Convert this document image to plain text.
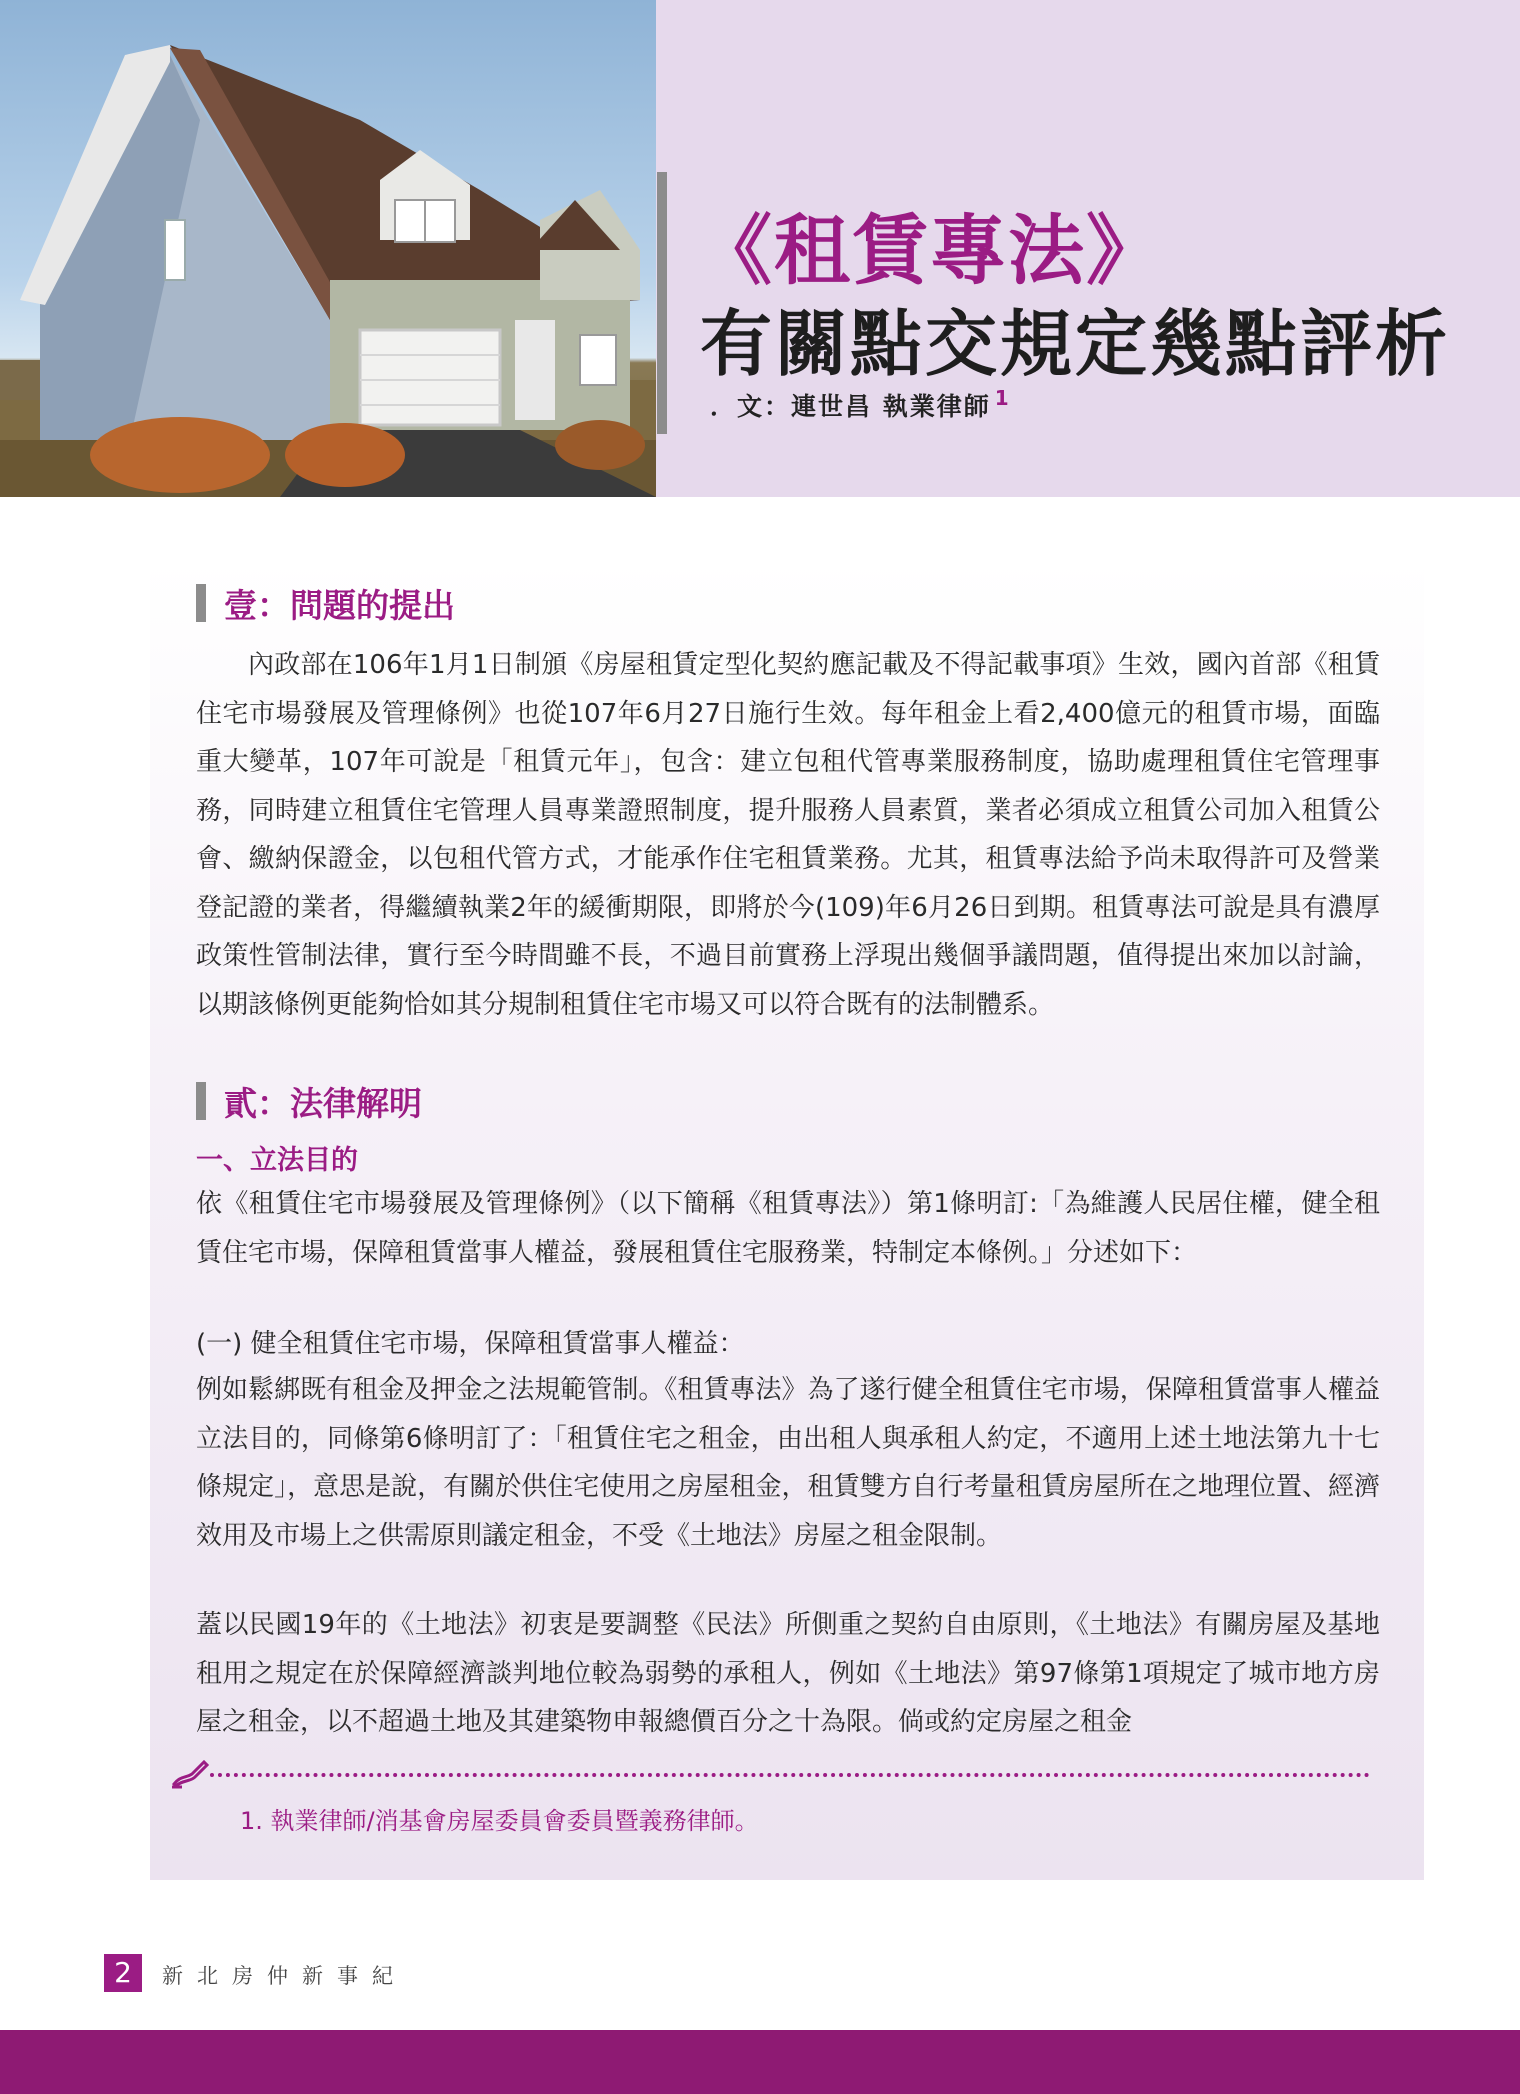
《租賃專法》
有關點交規定幾點評析
．文：連世昌 執業律師 $^1$
壹：問題的提出

內政部在106年1月1日制頒《房屋租賃定型化契約應記載及不得記載事項》生效，國內首部《租賃住宅市場發展及管理條例》也從107年6月27日施行生效。每年租金上看2,400億元的租賃市場，面臨重大變革，107年可說是「租賃元年」，包含：建立包租代管專業服務制度，協助處理租賃住宅管理事務，同時建立租賃住宅管理人員專業證照制度，提升服務人員素質，業者必須成立租賃公司加入租賃公會、繳納保證金，以包租代管方式，才能承作住宅租賃業務。尤其，租賃專法給予尚未取得許可及營業登記證的業者，得繼續執業2年的緩衝期限，即將於今(109)年6月26日到期。租賃專法可說是具有濃厚政策性管制法律，實行至今時間雖不長，不過目前實務上浮現出幾個爭議問題，值得提出來加以討論，以期該條例更能夠恰如其分規制租賃住宅市場又可以符合既有的法制體系。

貳：法律解明
一、立法目的

依《租賃住宅市場發展及管理條例》（以下簡稱《租賃專法》）第1條明訂:「為維護人民居住權，健全租賃住宅市場，保障租賃當事人權益，發展租賃住宅服務業，特制定本條例。」分述如下：

(一) 健全租賃住宅市場，保障租賃當事人權益：

例如鬆綁既有租金及押金之法規範管制。《租賃專法》為了遂行健全租賃住宅市場，保障租賃當事人權益立法目的，同條第6條明訂了：「租賃住宅之租金，由出租人與承租人約定，不適用上述土地法第九十七條規定」，意思是說，有關於供住宅使用之房屋租金，租賃雙方自行考量租賃房屋所在之地理位置、經濟效用及市場上之供需原則議定租金，不受《土地法》房屋之租金限制。

蓋以民國19年的《土地法》初衷是要調整《民法》所側重之契約自由原則，《土地法》有關房屋及基地租用之規定在於保障經濟談判地位較為弱勢的承租人，例如《土地法》第97條第1項規定了城市地方房屋之租金，以不超過土地及其建築物申報總價百分之十為限。倘或約定房屋之租金

1. 執業律師/消基會房屋委員會委員暨義務律師。
2	新北房仲新事紀
